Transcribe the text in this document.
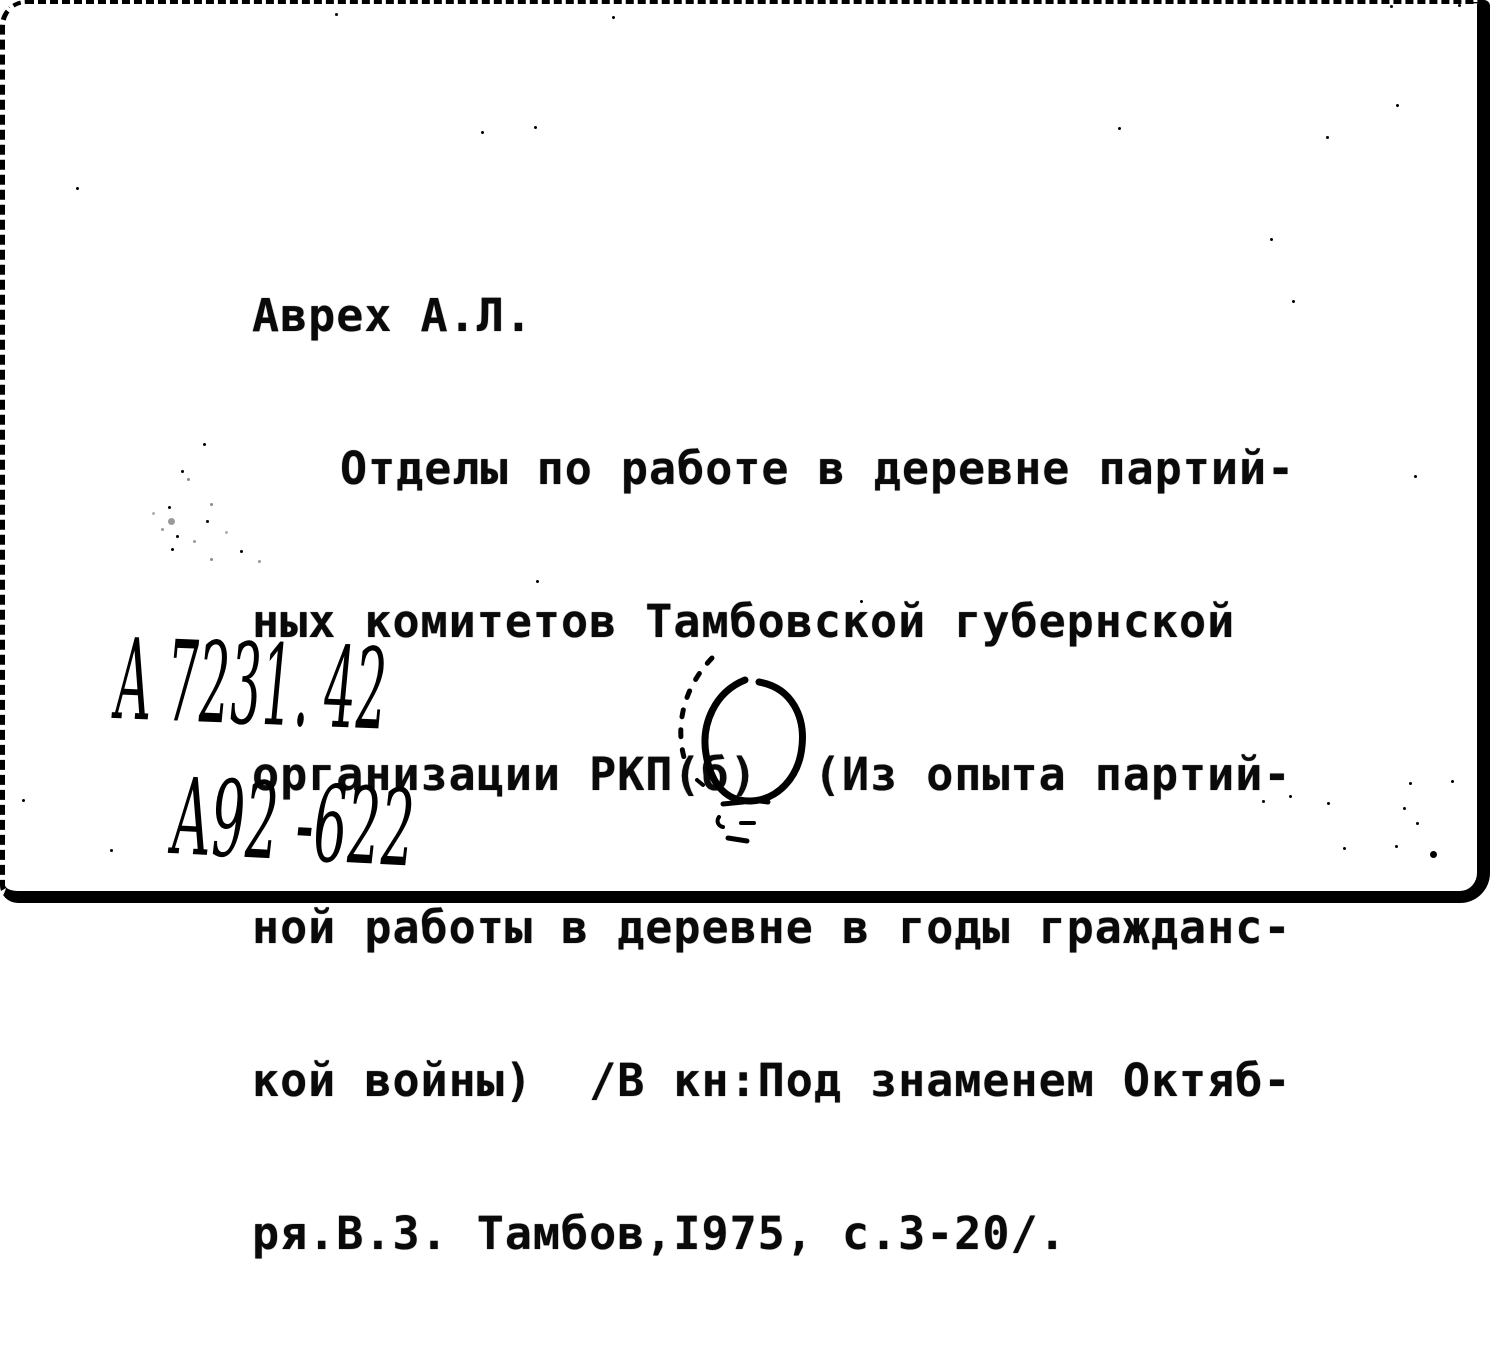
Аврех А.Л.

Отделы по работе в деревне партий-

ных комитетов Тамбовской губернской

организации РКП(б)  (Из опыта партий-

ной работы в деревне в годы гражданс-

кой войны)  /В кн:Под знаменем Октяб-

ря.В.3. Тамбов,I975, с.3-20/.

А 7231. 42
А92 -622
